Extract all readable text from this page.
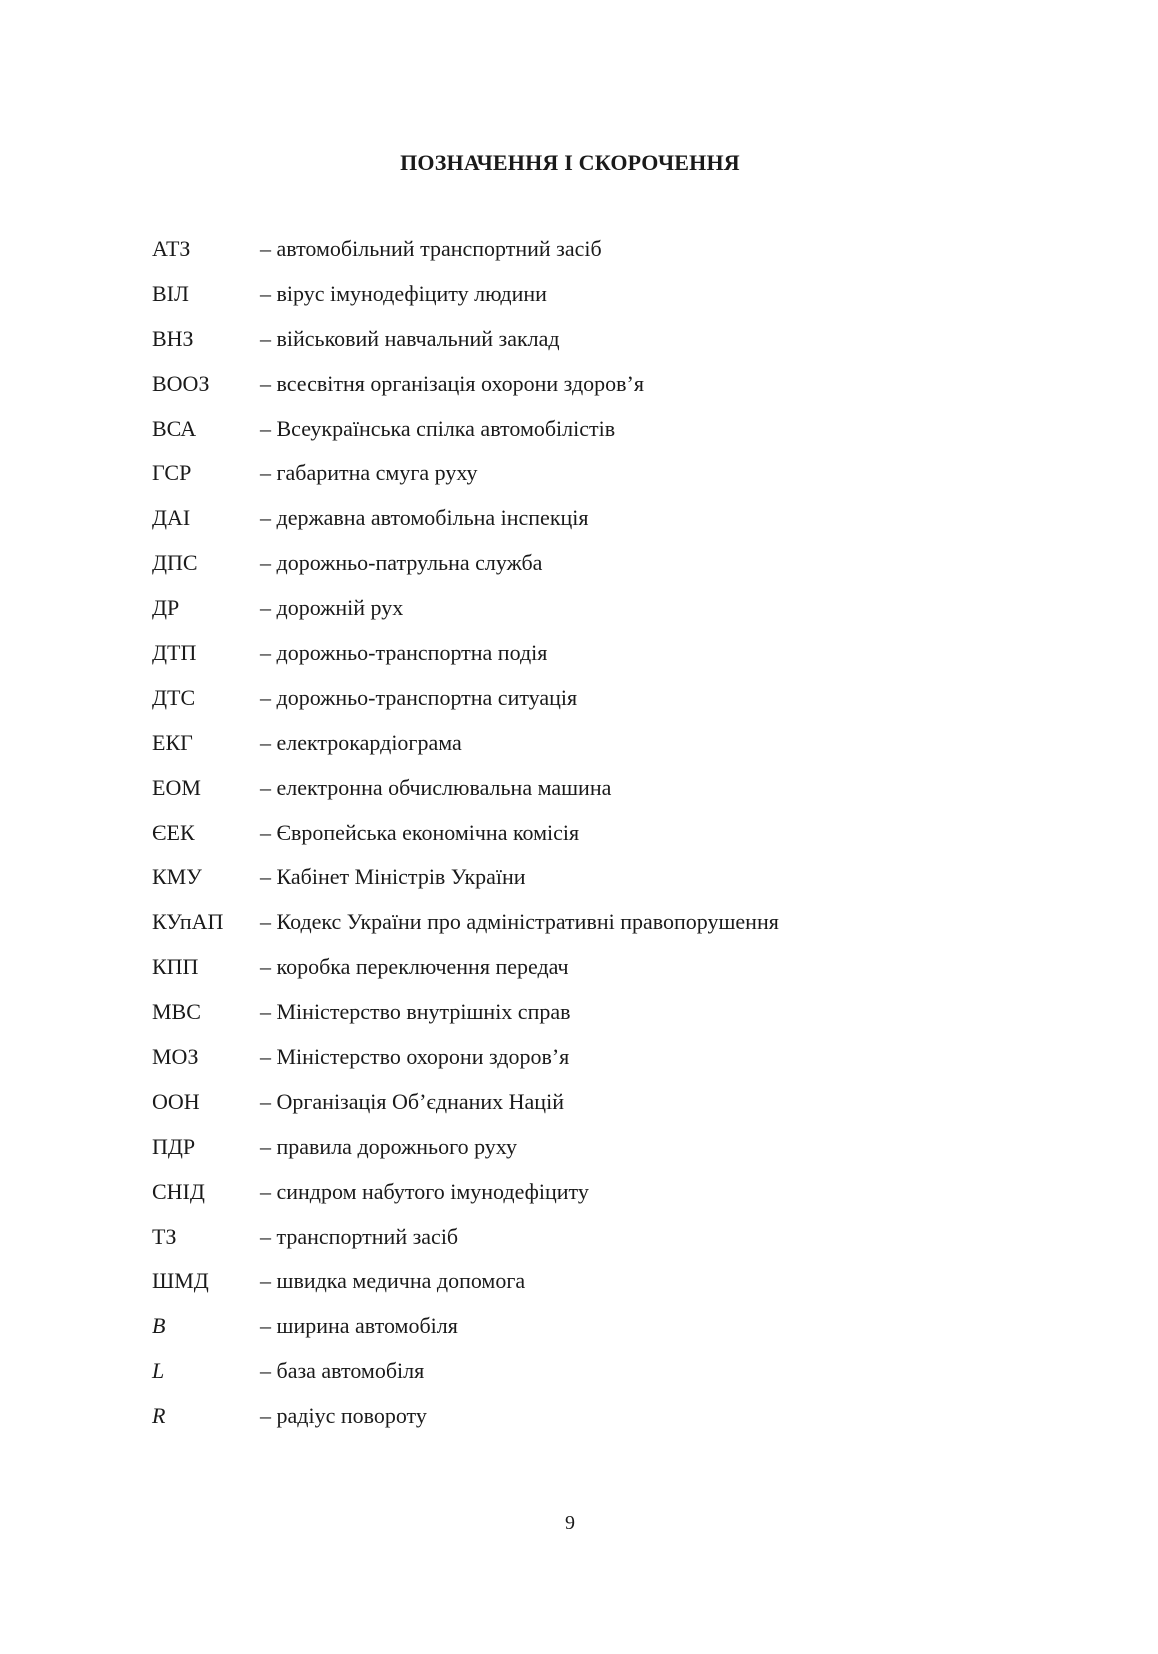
ПОЗНАЧЕННЯ І СКОРОЧЕННЯ
АТЗ	– автомобільний транспортний засіб
ВІЛ	– вірус імунодефіциту людини
ВНЗ	– військовий навчальний заклад
ВООЗ	– всесвітня організація охорони здоров’я
ВСА	– Всеукраїнська спілка автомобілістів
ГСР	– габаритна смуга руху
ДАІ	– державна автомобільна інспекція
ДПС	– дорожньо-патрульна служба
ДР	– дорожній рух
ДТП	– дорожньо-транспортна подія
ДТС	– дорожньо-транспортна ситуація
ЕКГ	– електрокардіограма
ЕОМ	– електронна обчислювальна машина
ЄЕК	– Європейська економічна комісія
КМУ	– Кабінет Міністрів України
КУпАП	– Кодекс України про адміністративні правопорушення
КПП	– коробка переключення передач
МВС	– Міністерство внутрішніх справ
МОЗ	– Міністерство охорони здоров’я
ООН	– Організація Об’єднаних Націй
ПДР	– правила дорожнього руху
СНІД	– синдром набутого імунодефіциту
ТЗ	– транспортний засіб
ШМД	– швидка медична допомога
B	– ширина автомобіля
L	– база автомобіля
R	– радіус повороту
9
